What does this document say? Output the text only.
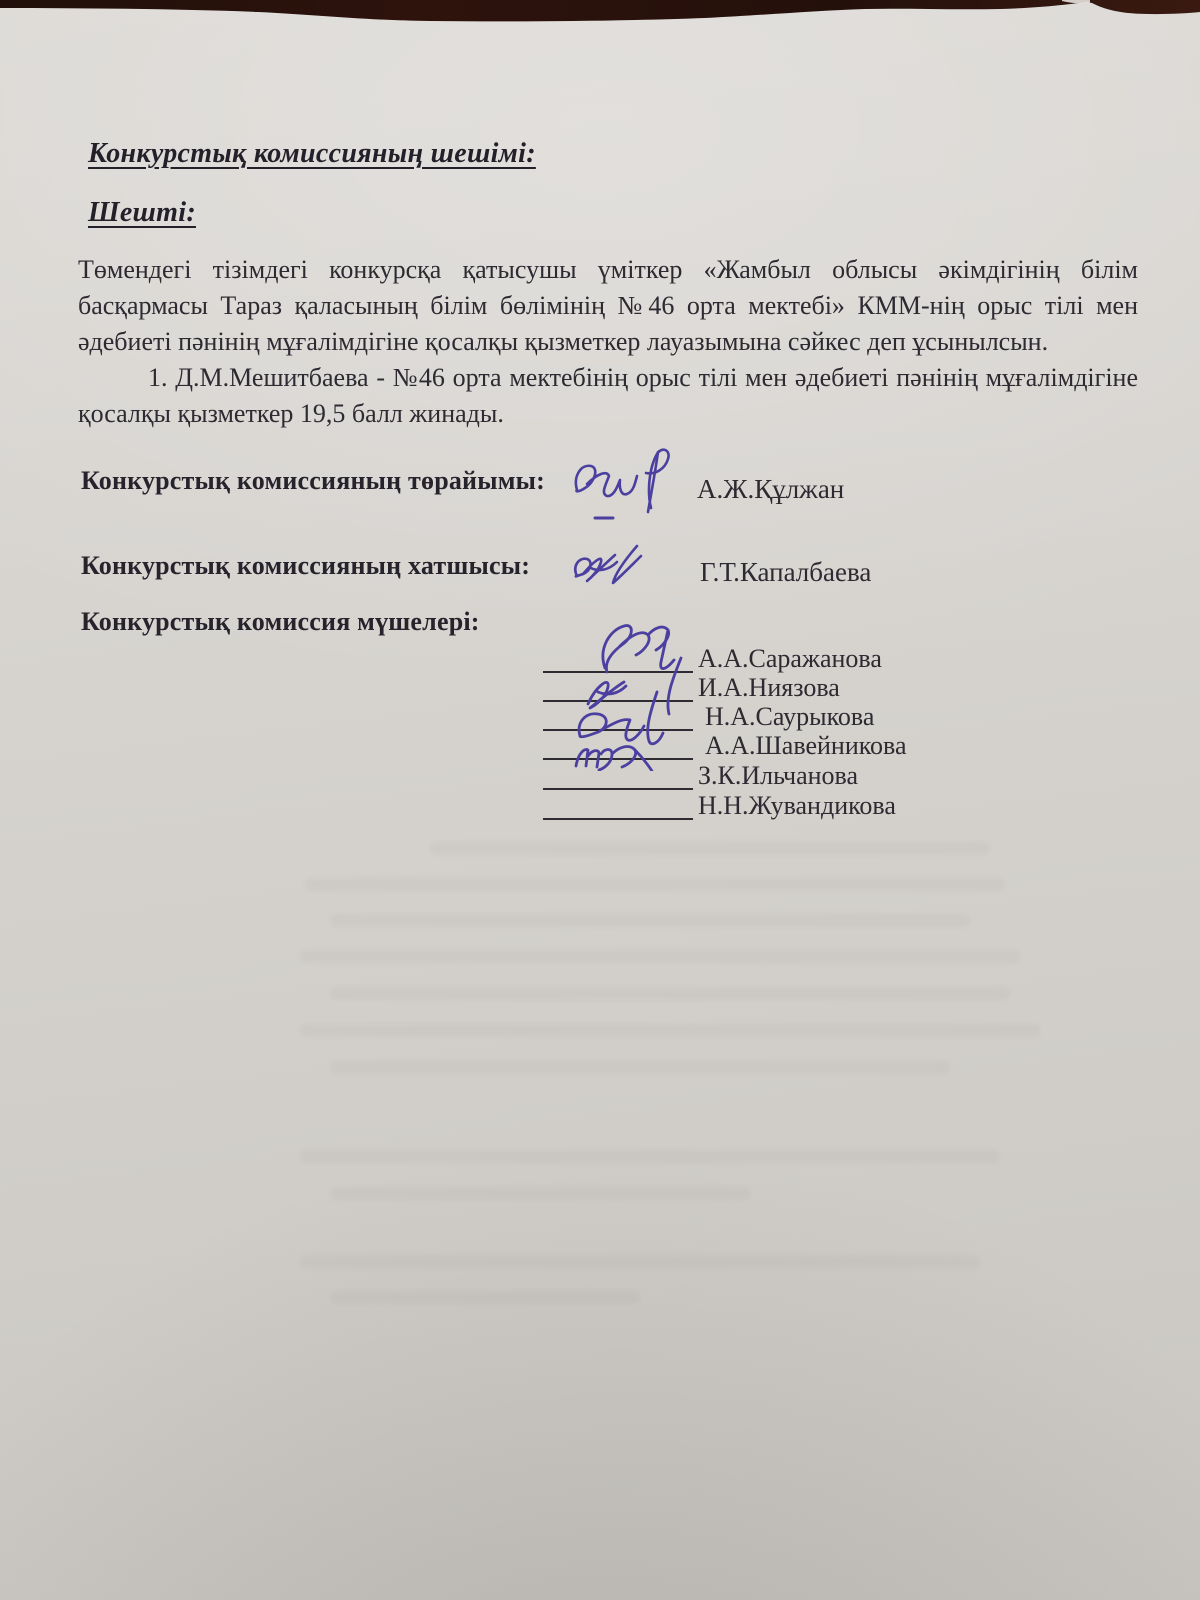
Конкурстық комиссияның шешімі:
Шешті:

Төмендегі тізімдегі конкурсқа қатысушы үміткер «Жамбыл облысы әкімдігінің білім басқармасы Тараз қаласының білім бөлімінің №46 орта мектебі» КММ-нің орыс тілі мен әдебиеті пәнінің мұғалімдігіне қосалқы қызметкер лауазымына сәйкес деп ұсынылсын.

1. Д.М.Мешитбаева - №46 орта мектебінің орыс тілі мен әдебиеті пәнінің мұғалімдігіне қосалқы қызметкер 19,5 балл жинады.

Конкурстық комиссияның төрайымы:	А.Ж.Құлжан

Конкурстық комиссияның хатшысы:	Г.Т.Капалбаева

Конкурстық комиссия мүшелері:

А.А.Саражанова
И.А.Ниязова
Н.А.Саурыкова
А.А.Шавейникова
З.К.Ильчанова
Н.Н.Жувандикова
